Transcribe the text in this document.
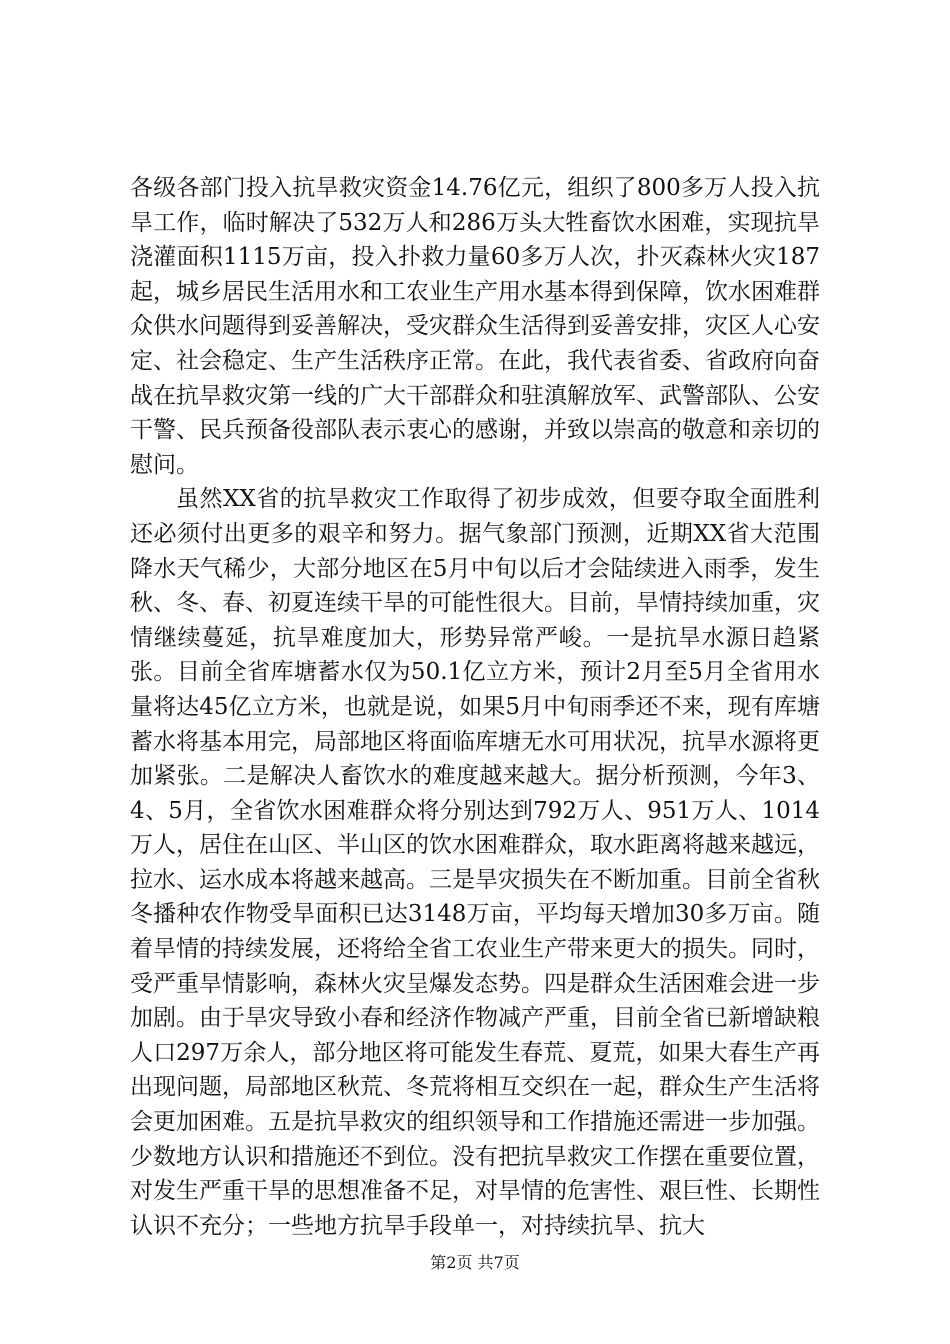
各级各部门投入抗旱救灾资金14.76亿元，组织了800多万人投入抗旱工作，临时解决了532万人和286万头大牲畜饮水困难，实现抗旱浇灌面积1115万亩，投入扑救力量60多万人次，扑灭森林火灾187起，城乡居民生活用水和工农业生产用水基本得到保障，饮水困难群众供水问题得到妥善解决，受灾群众生活得到妥善安排，灾区人心安定、社会稳定、生产生活秩序正常。在此，我代表省委、省政府向奋战在抗旱救灾第一线的广大干部群众和驻滇解放军、武警部队、公安干警、民兵预备役部队表示衷心的感谢，并致以崇高的敬意和亲切的慰问。

虽然XX省的抗旱救灾工作取得了初步成效，但要夺取全面胜利还必须付出更多的艰辛和努力。据气象部门预测，近期XX省大范围降水天气稀少，大部分地区在5月中旬以后才会陆续进入雨季，发生秋、冬、春、初夏连续干旱的可能性很大。目前，旱情持续加重，灾情继续蔓延，抗旱难度加大，形势异常严峻。一是抗旱水源日趋紧张。目前全省库塘蓄水仅为50.1亿立方米，预计2月至5月全省用水量将达45亿立方米，也就是说，如果5月中旬雨季还不来，现有库塘蓄水将基本用完，局部地区将面临库塘无水可用状况，抗旱水源将更加紧张。二是解决人畜饮水的难度越来越大。据分析预测，今年3、4、5月，全省饮水困难群众将分别达到792万人、951万人、1014万人，居住在山区、半山区的饮水困难群众，取水距离将越来越远，拉水、运水成本将越来越高。三是旱灾损失在不断加重。目前全省秋冬播种农作物受旱面积已达3148万亩，平均每天增加30多万亩。随着旱情的持续发展，还将给全省工农业生产带来更大的损失。同时，受严重旱情影响，森林火灾呈爆发态势。四是群众生活困难会进一步加剧。由于旱灾导致小春和经济作物减产严重，目前全省已新增缺粮人口297万余人，部分地区将可能发生春荒、夏荒，如果大春生产再出现问题，局部地区秋荒、冬荒将相互交织在一起，群众生产生活将会更加困难。五是抗旱救灾的组织领导和工作措施还需进一步加强。少数地方认识和措施还不到位。没有把抗旱救灾工作摆在重要位置，对发生严重干旱的思想准备不足，对旱情的危害性、艰巨性、长期性认识不充分；一些地方抗旱手段单一，对持续抗旱、抗大

第2页 共7页
